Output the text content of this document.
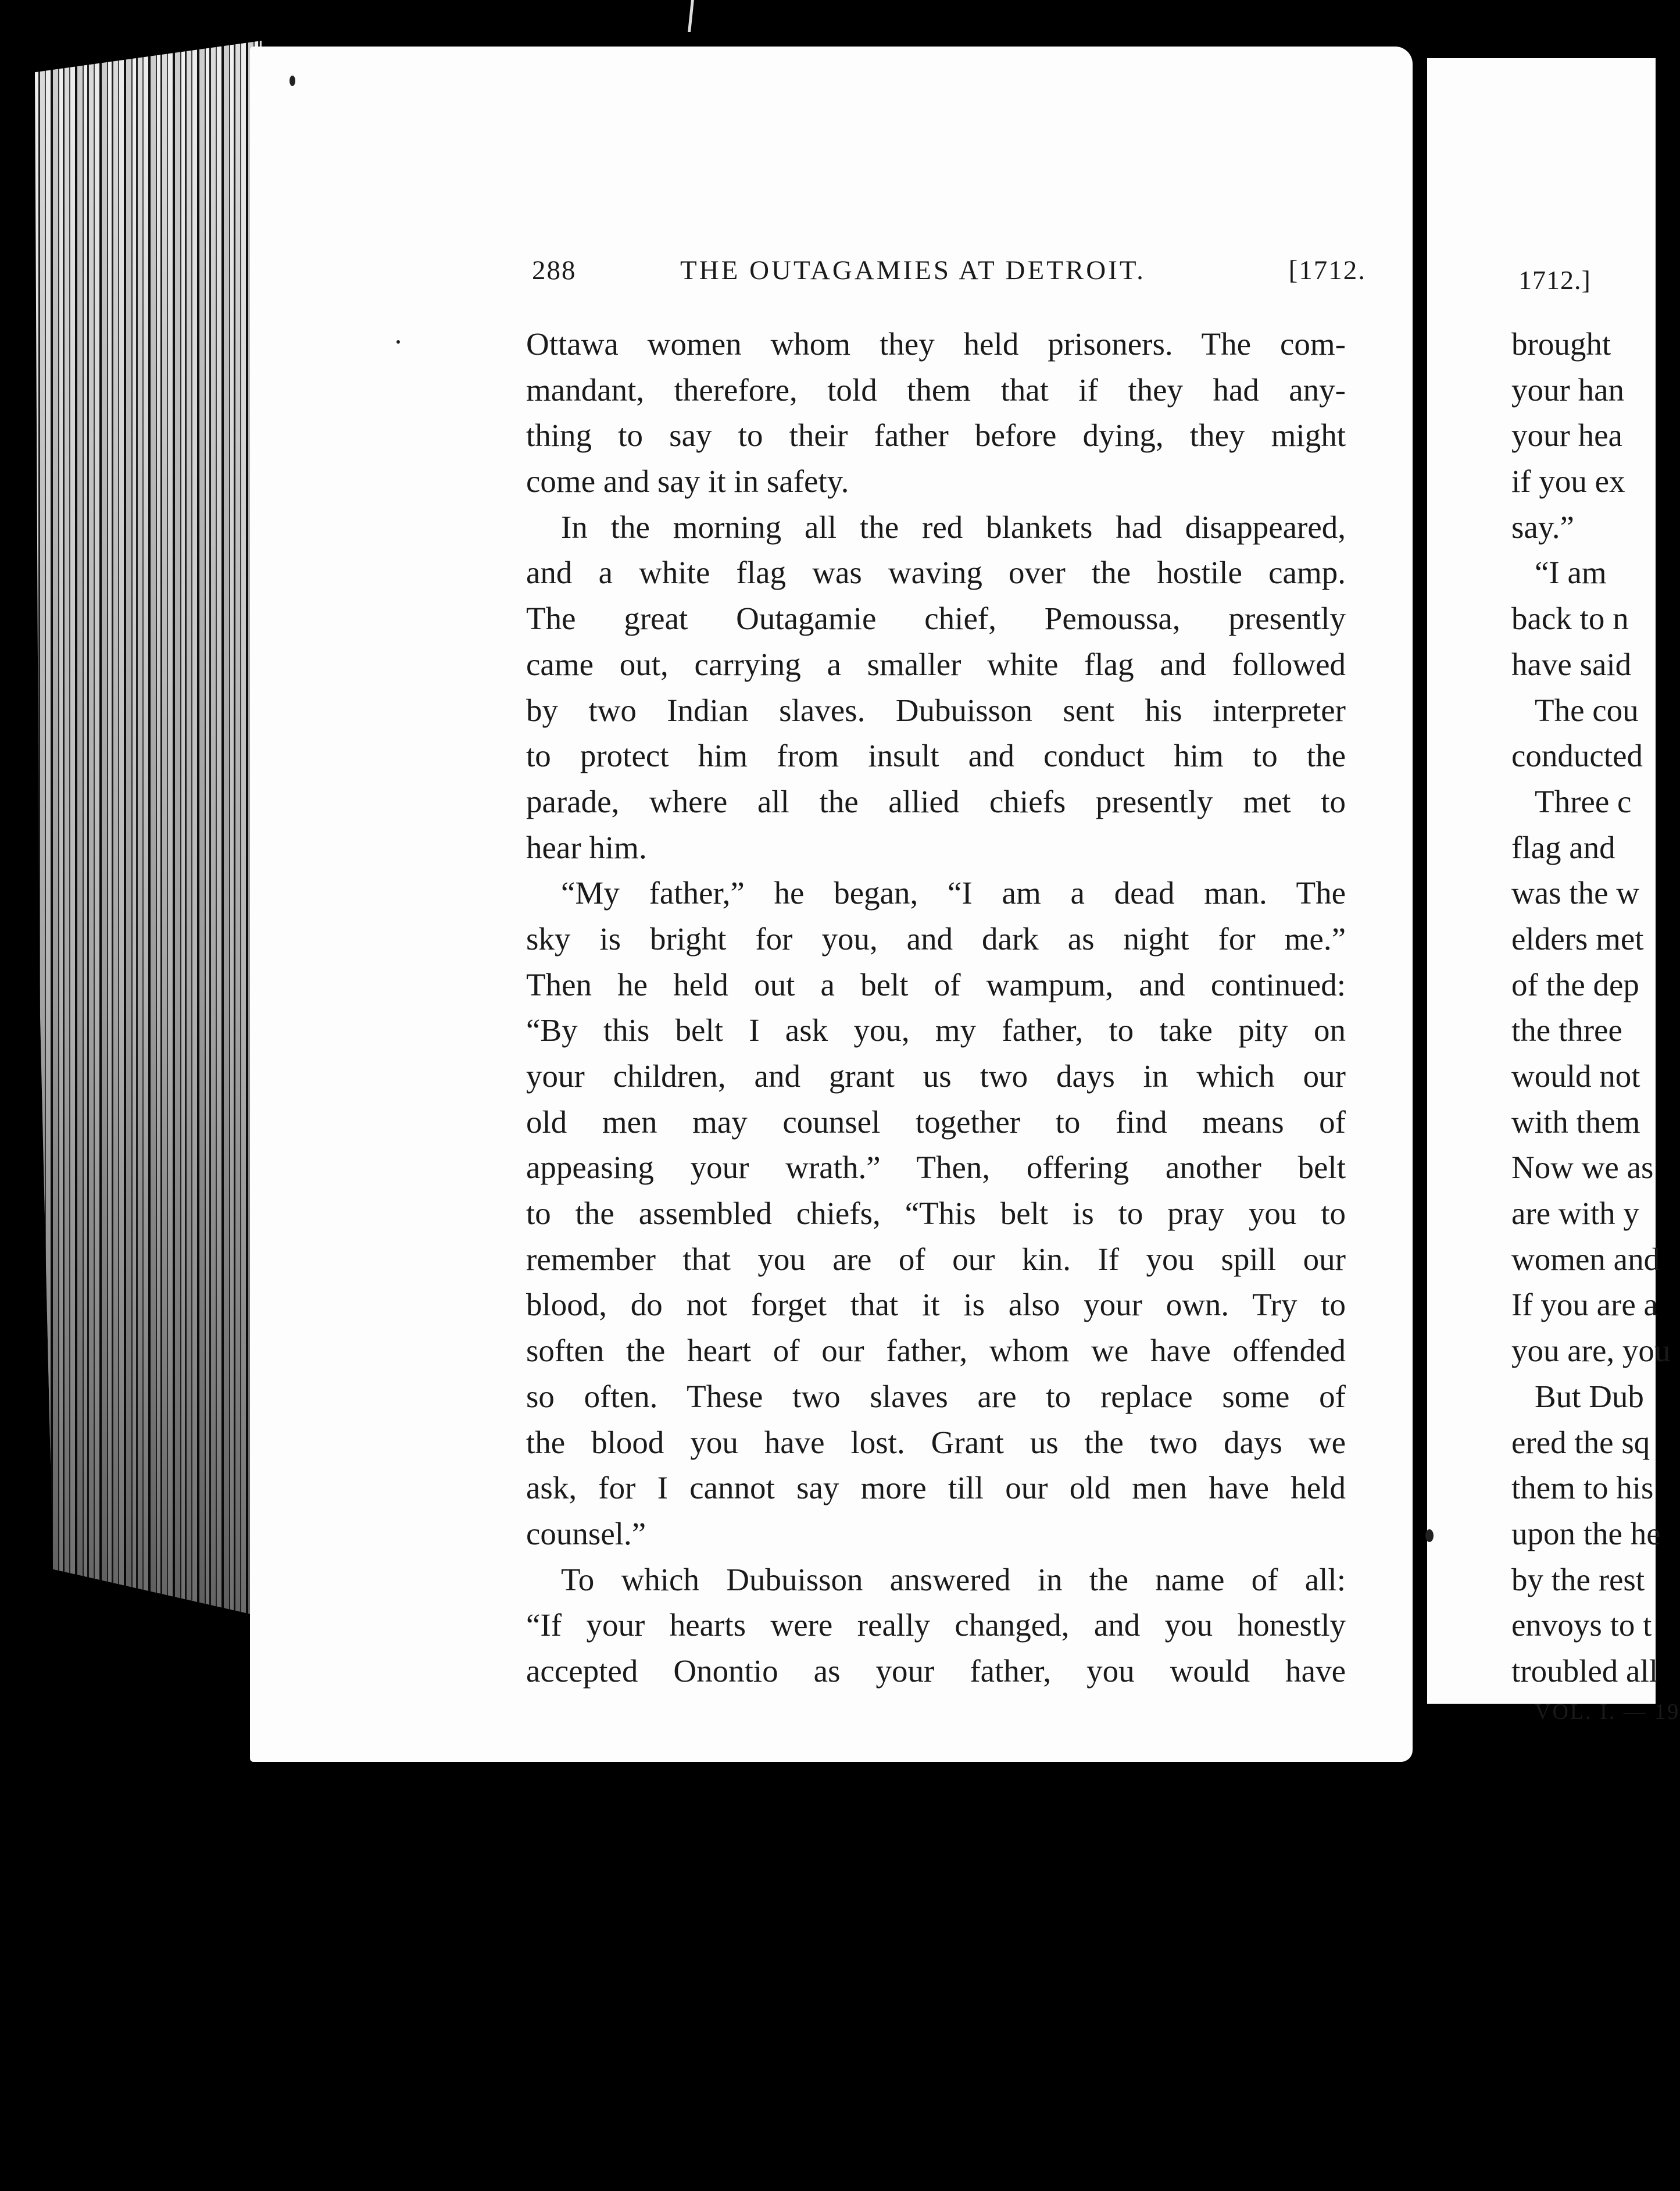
288	THE OUTAGAMIES AT DETROIT.	[1712.
Ottawa women whom they held prisoners. The com-
mandant, therefore, told them that if they had any-
thing to say to their father before dying, they might
come and say it in safety.
In the morning all the red blankets had disappeared,
and a white flag was waving over the hostile camp.
The great Outagamie chief, Pemoussa, presently
came out, carrying a smaller white flag and followed
by two Indian slaves. Dubuisson sent his interpreter
to protect him from insult and conduct him to the
parade, where all the allied chiefs presently met to
hear him.
“My father,” he began, “I am a dead man. The
sky is bright for you, and dark as night for me.”
Then he held out a belt of wampum, and continued:
“By this belt I ask you, my father, to take pity on
your children, and grant us two days in which our
old men may counsel together to find means of
appeasing your wrath.” Then, offering another belt
to the assembled chiefs, “This belt is to pray you to
remember that you are of our kin. If you spill our
blood, do not forget that it is also your own. Try to
soften the heart of our father, whom we have offended
so often. These two slaves are to replace some of
the blood you have lost. Grant us the two days we
ask, for I cannot say more till our old men have held
counsel.”
To which Dubuisson answered in the name of all:
“If your hearts were really changed, and you honestly
accepted Onontio as your father, you would have
1712.]
brought
your han
your hea
if you ex
say.”
“I am
back to n
have said
The cou
conducted
Three c
flag and
was the w
elders met
of the dep
the three
would not
with them
Now we as
are with y
women and
If you are a
you are, you
But Dub
ered the sq
them to his
upon the he
by the rest
envoys to t
troubled all
VOL. I. — 19
